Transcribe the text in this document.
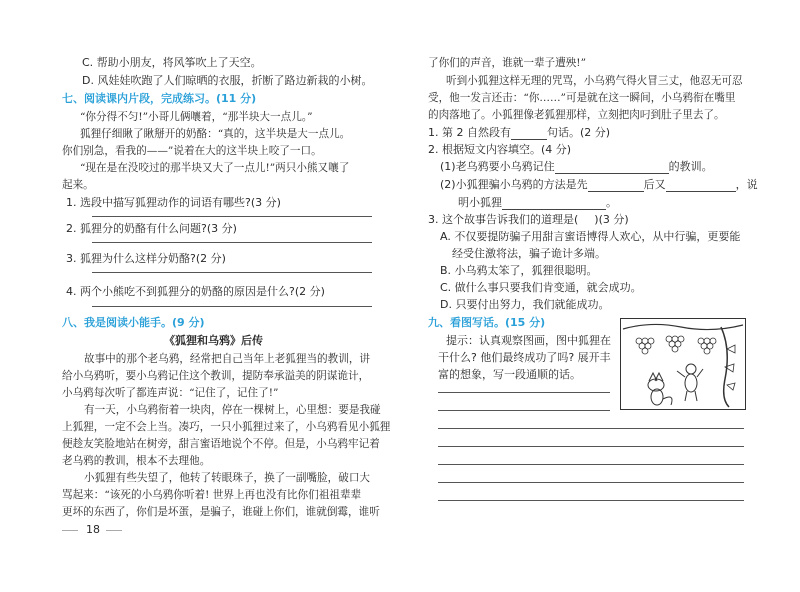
C. 帮助小朋友，将风筝吹上了天空。
D. 风娃娃吹跑了人们晾晒的衣服，折断了路边新栽的小树。
七、阅读课内片段，完成练习。(11 分)
“你分得不匀!”小哥儿俩嚷着，“那半块大一点儿。”
狐狸仔细瞅了瞅掰开的奶酪：“真的，这半块是大一点儿。
你们别急，看我的——”说着在大的这半块上咬了一口。
“现在是在没咬过的那半块又大了一点儿!”两只小熊又嚷了
起来。
1. 选段中描写狐狸动作的词语有哪些?(3 分)
2. 狐狸分的奶酪有什么问题?(3 分)
3. 狐狸为什么这样分奶酪?(2 分)
4. 两个小熊吃不到狐狸分的奶酪的原因是什么?(2 分)
八、我是阅读小能手。(9 分)
《狐狸和乌鸦》后传
故事中的那个老乌鸦，经常把自己当年上老狐狸当的教训，讲
给小乌鸦听，要小乌鸦记住这个教训，提防奉承溢美的阴谋诡计，
小乌鸦每次听了都连声说：“记住了，记住了!”
有一天，小乌鸦衔着一块肉，停在一棵树上，心里想：要是我碰
上狐狸，一定不会上当。凑巧，一只小狐狸过来了，小乌鸦看见小狐狸
便趁友笑脸地站在树旁，甜言蜜语地说个不停。但是，小乌鸦牢记着
老乌鸦的教训，根本不去理他。
小狐狸有些失望了，他转了转眼珠子，换了一副嘴脸，破口大
骂起来：“该死的小乌鸦你听着! 世界上再也没有比你们祖祖辈辈
更坏的东西了，你们是坏蛋，是骗子，谁碰上你们，谁就倒霉，谁听
18
了你们的声音，谁就一辈子遭殃!”
听到小狐狸这样无理的咒骂，小乌鸦气得火冒三丈，他忍无可忍
受，他一发言还击：“你……”可是就在这一瞬间，小乌鸦衔在嘴里
的肉落地了。小狐狸像老狐狸那样，立刻把肉叼到肚子里去了。
1. 第 2 自然段有	句话。(2 分)
2. 根据短文内容填空。(4 分)
(1)老乌鸦要小乌鸦记住	的教训。
(2)小狐狸骗小乌鸦的方法是先	后又	，说
明小狐狸	。
3. 这个故事告诉我们的道理是( )(3 分)
A. 不仅要提防骗子用甜言蜜语博得人欢心，从中行骗，更要能
经受住激将法，骗子诡计多端。
B. 小乌鸦太笨了，狐狸很聪明。
C. 做什么事只要我们肯变通，就会成功。
D. 只要付出努力，我们就能成功。
九、看图写话。(15 分)
提示：认真观察图画，图中狐狸在
干什么? 他们最终成功了吗? 展开丰
富的想象，写一段通顺的话。
